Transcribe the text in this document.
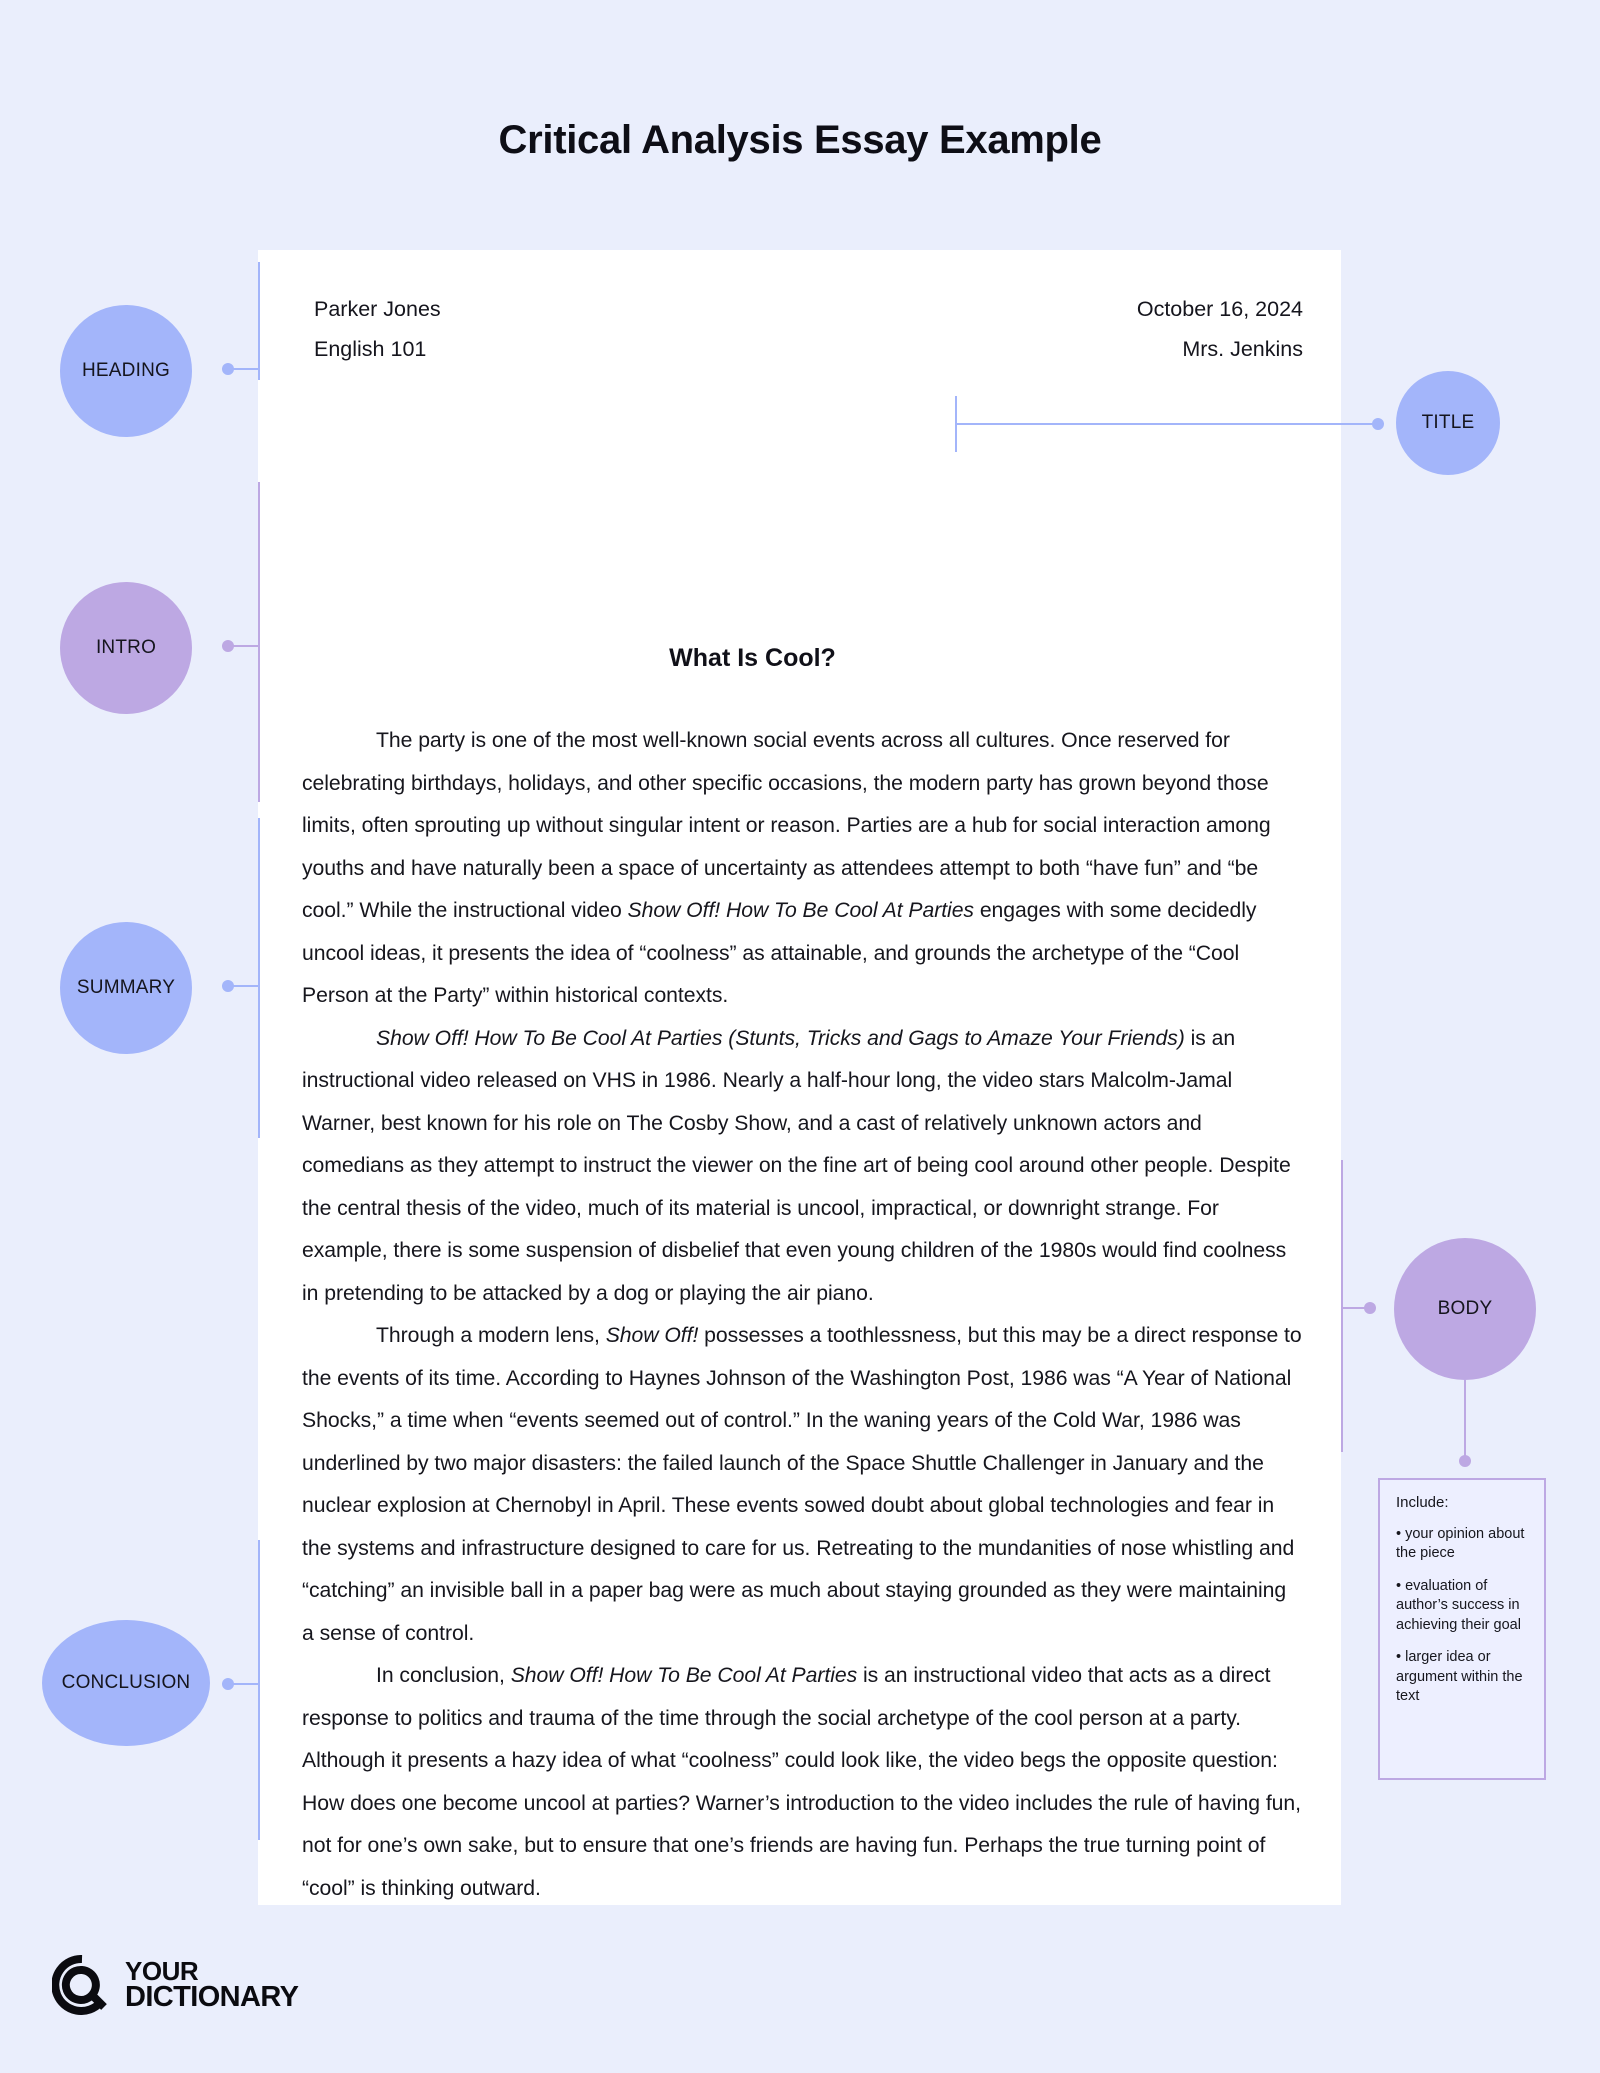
Critical Analysis Essay Example
Parker Jones
English 101
October 16, 2024
Mrs. Jenkins
What Is Cool?

The party is one of the most well-known social events across all cultures. Once reserved for celebrating birthdays, holidays, and other specific occasions, the modern party has grown beyond those limits, often sprouting up without singular intent or reason. Parties are a hub for social interaction among youths and have naturally been a space of uncertainty as attendees attempt to both “have fun” and “be cool.” While the instructional video Show Off! How To Be Cool At Parties engages with some decidedly uncool ideas, it presents the idea of “coolness” as attainable, and grounds the archetype of the “Cool Person at the Party” within historical contexts.

Show Off! How To Be Cool At Parties (Stunts, Tricks and Gags to Amaze Your Friends) is an instructional video released on VHS in 1986. Nearly a half-hour long, the video stars Malcolm-Jamal Warner, best known for his role on The Cosby Show, and a cast of relatively unknown actors and comedians as they attempt to instruct the viewer on the fine art of being cool around other people. Despite the central thesis of the video, much of its material is uncool, impractical, or downright strange. For example, there is some suspension of disbelief that even young children of the 1980s would find coolness in pretending to be attacked by a dog or playing the air piano.

Through a modern lens, Show Off! possesses a toothlessness, but this may be a direct response to the events of its time. According to Haynes Johnson of the Washington Post, 1986 was “A Year of National Shocks,” a time when “events seemed out of control.” In the waning years of the Cold War, 1986 was underlined by two major disasters: the failed launch of the Space Shuttle Challenger in January and the nuclear explosion at Chernobyl in April. These events sowed doubt about global technologies and fear in the systems and infrastructure designed to care for us. Retreating to the mundanities of nose whistling and “catching” an invisible ball in a paper bag were as much about staying grounded as they were maintaining a sense of control.

In conclusion, Show Off! How To Be Cool At Parties is an instructional video that acts as a direct response to politics and trauma of the time through the social archetype of the cool person at a party. Although it presents a hazy idea of what “coolness” could look like, the video begs the opposite question: How does one become uncool at parties? Warner’s introduction to the video includes the rule of having fun, not for one’s own sake, but to ensure that one’s friends are having fun. Perhaps the true turning point of “cool” is thinking outward.

HEADING
INTRO
SUMMARY
CONCLUSION
TITLE
BODY
Include:
• your opinion about the piece
• evaluation of author’s success in achieving their goal
• larger idea or argument within the text
YOUR
DICTIONARY
